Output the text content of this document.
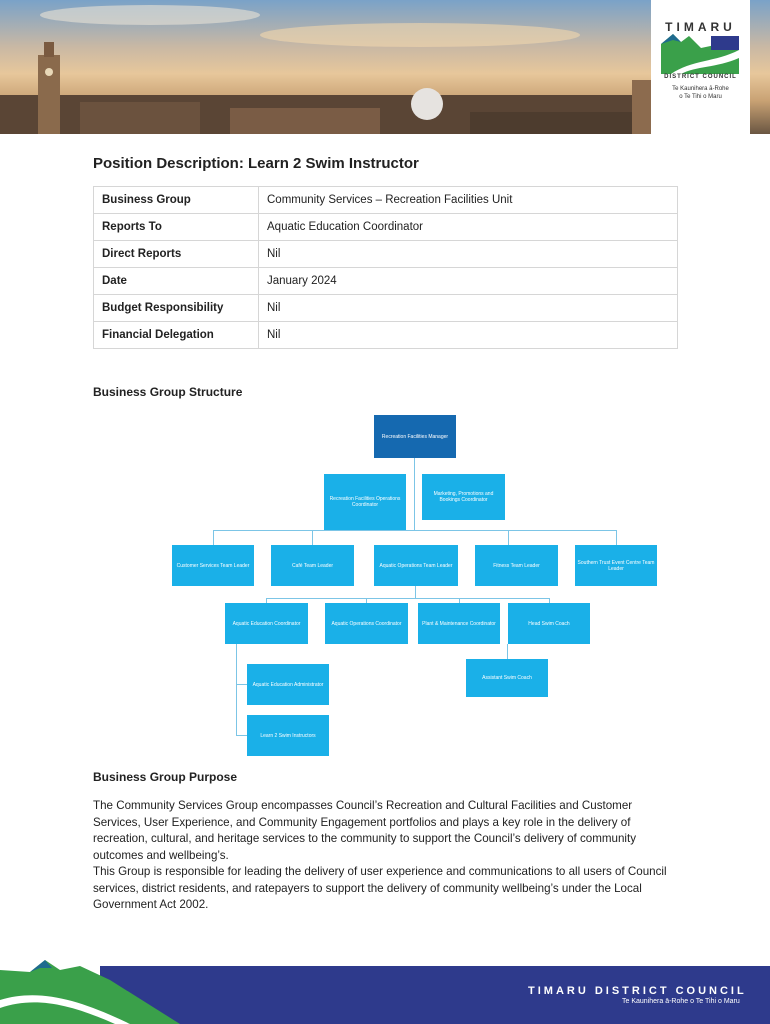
TIMARU
DISTRICT COUNCIL
Te Kaunihera ā-Rohe
o Te Tihi o Maru
Position Description: Learn 2 Swim Instructor
Business Group	Community Services – Recreation Facilities Unit
Reports To	Aquatic Education Coordinator
Direct Reports	Nil
Date	January 2024
Budget Responsibility	Nil
Financial Delegation	Nil
Business Group Structure
Recreation Facilities Manager
Recreation Facilities Operations Coordinator
Marketing, Promotions and Bookings Coordinator
Customer Services Team Leader	Café Team Leader	Aquatic Operations Team Leader	Fitness Team Leader	Southern Trust Event Centre Team Leader
Aquatic Education Coordinator	Aquatic Operations Coordinator	Plant & Maintenance Coordinator	Head Swim Coach
Aquatic Education Administrator
Assistant Swim Coach
Learn 2 Swim Instructors
Business Group Purpose

The Community Services Group encompasses Council’s Recreation and Cultural Facilities and Customer Services, User Experience, and Community Engagement portfolios and plays a key role in the delivery of recreation, cultural, and heritage services to the community to support the Council’s delivery of community outcomes and wellbeing’s.

This Group is responsible for leading the delivery of user experience and communications to all users of Council services, district residents, and ratepayers to support the delivery of community wellbeing’s under the Local Government Act 2002.

TIMARU DISTRICT COUNCIL
Te Kaunihera ā-Rohe o Te Tihi o Maru
